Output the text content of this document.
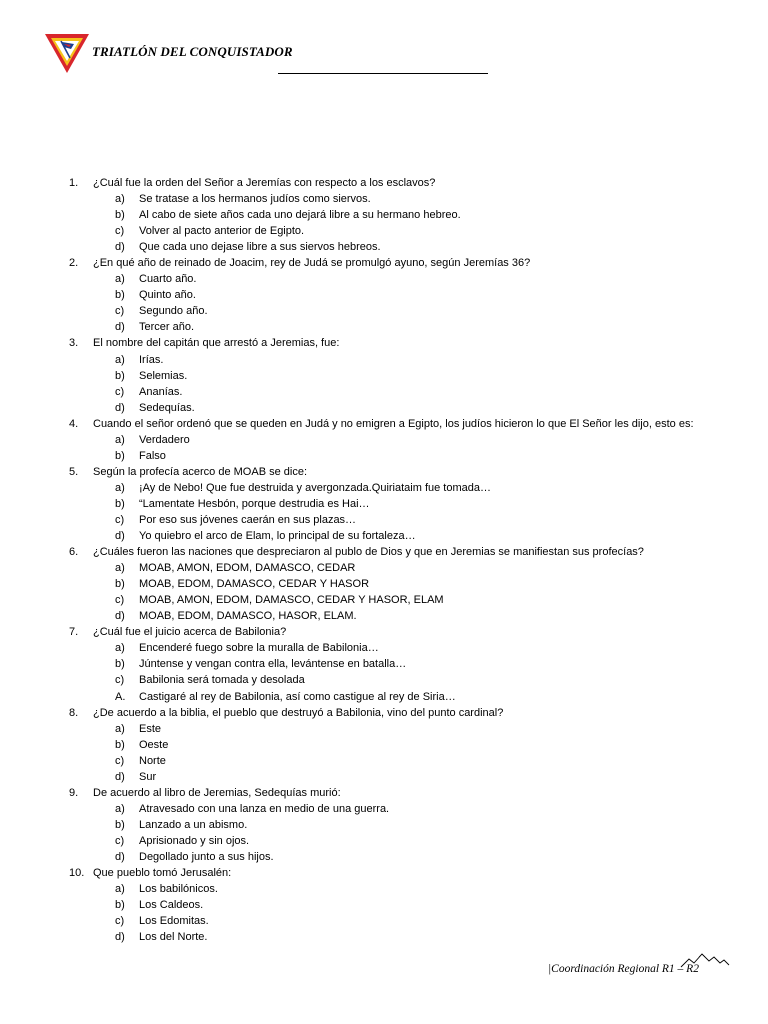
TRIATLÓN DEL CONQUISTADOR
1. ¿Cuál fue la orden del Señor a Jeremías con respecto a los esclavos?
a) Se tratase a los hermanos judíos como siervos.
b) Al cabo de siete años cada uno dejará libre a su hermano hebreo.
c) Volver al pacto anterior de Egipto.
d) Que cada uno dejase libre a sus siervos hebreos.
2. ¿En qué año de reinado de Joacim, rey de Judá se promulgó ayuno, según Jeremías 36?
a) Cuarto año.
b) Quinto año.
c) Segundo año.
d) Tercer año.
3. El nombre del capitán que arrestó a Jeremias, fue:
a) Irías.
b) Selemias.
c) Ananías.
d) Sedequías.
4. Cuando el señor ordenó que se queden en Judá y no emigren a Egipto, los judíos hicieron lo que El Señor les dijo, esto es:
a) Verdadero
b) Falso
5. Según la profecía acerco de MOAB se dice:
a) ¡Ay de Nebo! Que fue destruida y avergonzada.Quiriataim fue tomada…
b) “Lamentate Hesbón, porque destrudia es Hai…
c) Por eso sus jóvenes caerán en sus plazas…
d) Yo quiebro el arco de Elam, lo principal de su fortaleza…
6. ¿Cuáles fueron las naciones que despreciaron al publo de Dios y que en Jeremias se manifiestan sus profecías?
a) MOAB, AMON, EDOM, DAMASCO, CEDAR
b) MOAB, EDOM, DAMASCO, CEDAR Y HASOR
c) MOAB, AMON, EDOM, DAMASCO, CEDAR Y HASOR, ELAM
d) MOAB, EDOM, DAMASCO, HASOR, ELAM.
7. ¿Cuál fue el juicio acerca de Babilonia?
a) Encenderé fuego sobre la muralla de Babilonia…
b) Júntense y vengan contra ella, levántense en batalla…
c) Babilonia será tomada y desolada
A. Castigaré al rey de Babilonia, así como castigue al rey de Siria…
8. ¿De acuerdo a la biblia, el pueblo que destruyó a Babilonia, vino del punto cardinal?
a) Este
b) Oeste
c) Norte
d) Sur
9. De acuerdo al libro de Jeremias, Sedequías murió:
a) Atravesado con una lanza en medio de una guerra.
b) Lanzado a un abismo.
c) Aprisionado y sin ojos.
d) Degollado junto a sus hijos.
10. Que pueblo tomó Jerusalén:
a) Los babilónicos.
b) Los Caldeos.
c) Los Edomitas.
d) Los del Norte.
|Coordinación Regional R1 – R2
